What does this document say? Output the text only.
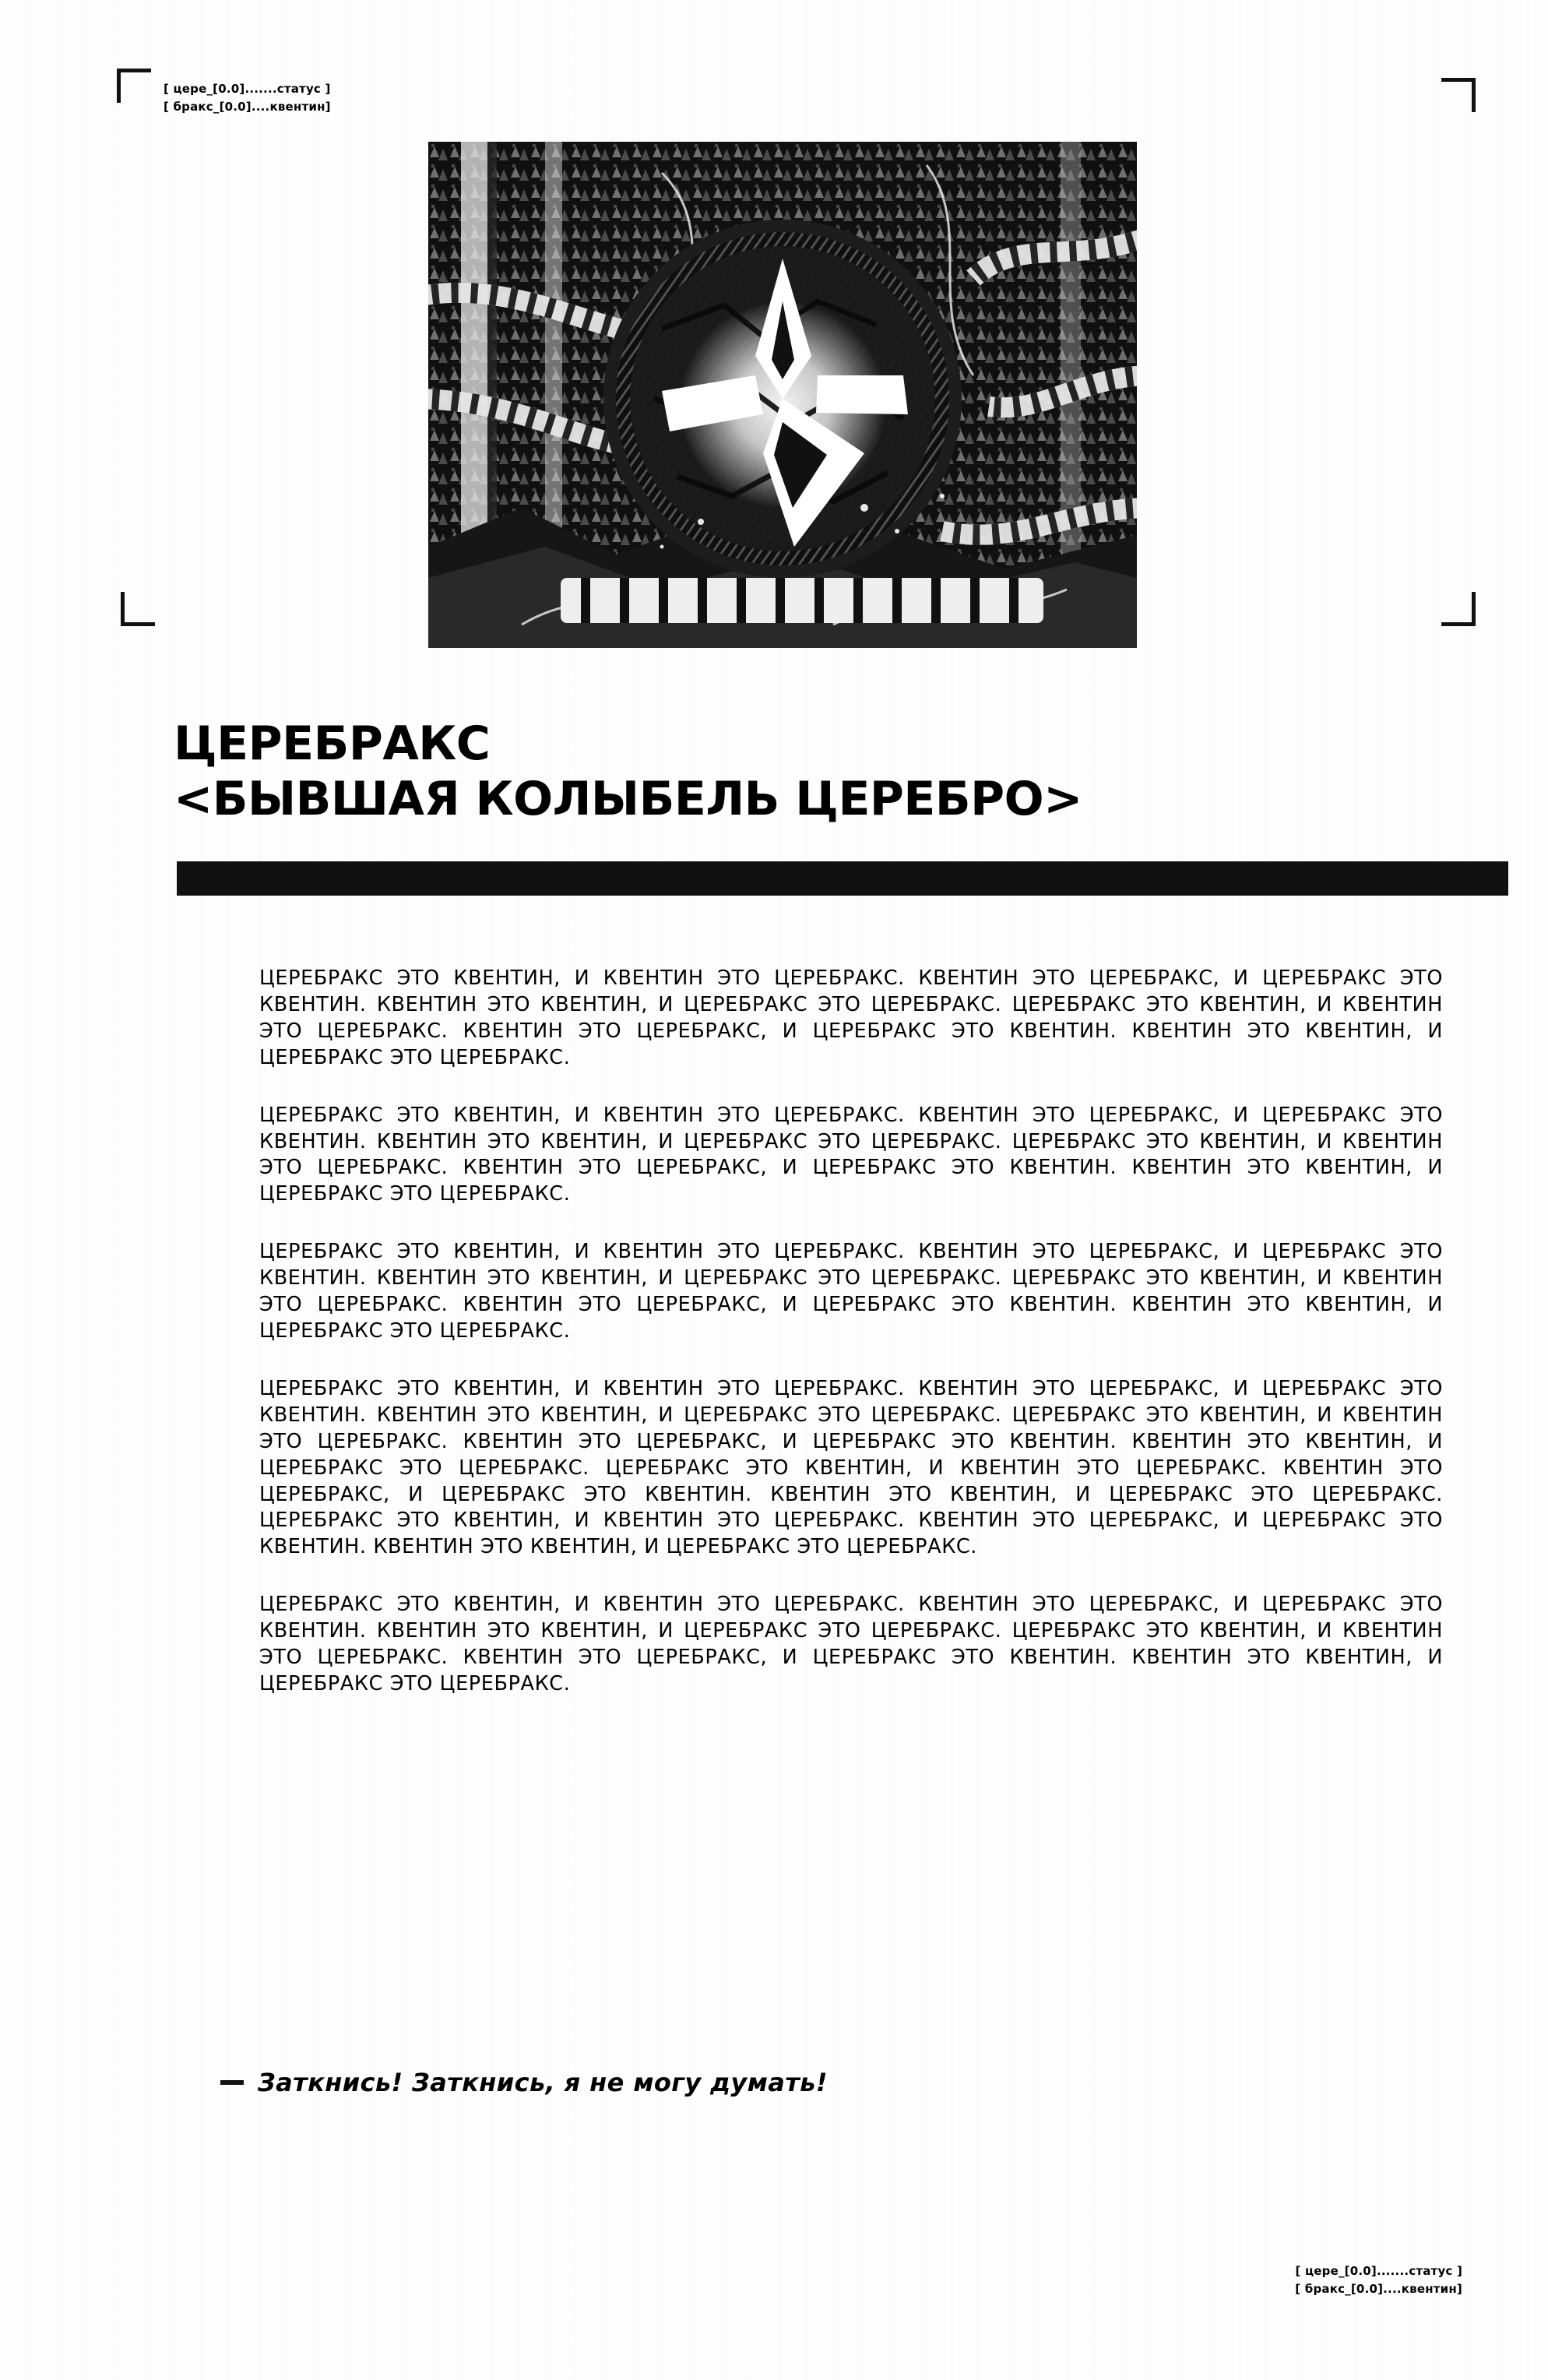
[ цере_[0.0].......статус ]
[ бракс_[0.0]....квентин]
ЦЕРЕБРАКС
<БЫВШАЯ КОЛЫБЕЛЬ ЦЕРЕБРО>

ЦЕРЕБРАКС ЭТО КВЕНТИН, И КВЕНТИН ЭТО ЦЕРЕБРАКС. КВЕНТИН ЭТО ЦЕРЕБРАКС, И ЦЕРЕБРАКС ЭТО КВЕНТИН. КВЕНТИН ЭТО КВЕНТИН, И ЦЕРЕБРАКС ЭТО ЦЕРЕБРАКС. ЦЕРЕБРАКС ЭТО КВЕНТИН, И КВЕНТИН ЭТО ЦЕРЕБРАКС. КВЕНТИН ЭТО ЦЕРЕБРАКС, И ЦЕРЕБРАКС ЭТО КВЕНТИН. КВЕНТИН ЭТО КВЕНТИН, И ЦЕРЕБРАКС ЭТО ЦЕРЕБРАКС.

ЦЕРЕБРАКС ЭТО КВЕНТИН, И КВЕНТИН ЭТО ЦЕРЕБРАКС. КВЕНТИН ЭТО ЦЕРЕБРАКС, И ЦЕРЕБРАКС ЭТО КВЕНТИН. КВЕНТИН ЭТО КВЕНТИН, И ЦЕРЕБРАКС ЭТО ЦЕРЕБРАКС. ЦЕРЕБРАКС ЭТО КВЕНТИН, И КВЕНТИН ЭТО ЦЕРЕБРАКС. КВЕНТИН ЭТО ЦЕРЕБРАКС, И ЦЕРЕБРАКС ЭТО КВЕНТИН. КВЕНТИН ЭТО КВЕНТИН, И ЦЕРЕБРАКС ЭТО ЦЕРЕБРАКС.

ЦЕРЕБРАКС ЭТО КВЕНТИН, И КВЕНТИН ЭТО ЦЕРЕБРАКС. КВЕНТИН ЭТО ЦЕРЕБРАКС, И ЦЕРЕБРАКС ЭТО КВЕНТИН. КВЕНТИН ЭТО КВЕНТИН, И ЦЕРЕБРАКС ЭТО ЦЕРЕБРАКС. ЦЕРЕБРАКС ЭТО КВЕНТИН, И КВЕНТИН ЭТО ЦЕРЕБРАКС. КВЕНТИН ЭТО ЦЕРЕБРАКС, И ЦЕРЕБРАКС ЭТО КВЕНТИН. КВЕНТИН ЭТО КВЕНТИН, И ЦЕРЕБРАКС ЭТО ЦЕРЕБРАКС.

ЦЕРЕБРАКС ЭТО КВЕНТИН, И КВЕНТИН ЭТО ЦЕРЕБРАКС. КВЕНТИН ЭТО ЦЕРЕБРАКС, И ЦЕРЕБРАКС ЭТО КВЕНТИН. КВЕНТИН ЭТО КВЕНТИН, И ЦЕРЕБРАКС ЭТО ЦЕРЕБРАКС. ЦЕРЕБРАКС ЭТО КВЕНТИН, И КВЕНТИН ЭТО ЦЕРЕБРАКС. КВЕНТИН ЭТО ЦЕРЕБРАКС, И ЦЕРЕБРАКС ЭТО КВЕНТИН. КВЕНТИН ЭТО КВЕНТИН, И ЦЕРЕБРАКС ЭТО ЦЕРЕБРАКС. ЦЕРЕБРАКС ЭТО КВЕНТИН, И КВЕНТИН ЭТО ЦЕРЕБРАКС. КВЕНТИН ЭТО ЦЕРЕБРАКС, И ЦЕРЕБРАКС ЭТО КВЕНТИН. КВЕНТИН ЭТО КВЕНТИН, И ЦЕРЕБРАКС ЭТО ЦЕРЕБРАКС. ЦЕРЕБРАКС ЭТО КВЕНТИН, И КВЕНТИН ЭТО ЦЕРЕБРАКС. КВЕНТИН ЭТО ЦЕРЕБРАКС, И ЦЕРЕБРАКС ЭТО КВЕНТИН. КВЕНТИН ЭТО КВЕНТИН, И ЦЕРЕБРАКС ЭТО ЦЕРЕБРАКС.

ЦЕРЕБРАКС ЭТО КВЕНТИН, И КВЕНТИН ЭТО ЦЕРЕБРАКС. КВЕНТИН ЭТО ЦЕРЕБРАКС, И ЦЕРЕБРАКС ЭТО КВЕНТИН. КВЕНТИН ЭТО КВЕНТИН, И ЦЕРЕБРАКС ЭТО ЦЕРЕБРАКС. ЦЕРЕБРАКС ЭТО КВЕНТИН, И КВЕНТИН ЭТО ЦЕРЕБРАКС. КВЕНТИН ЭТО ЦЕРЕБРАКС, И ЦЕРЕБРАКС ЭТО КВЕНТИН. КВЕНТИН ЭТО КВЕНТИН, И ЦЕРЕБРАКС ЭТО ЦЕРЕБРАКС.

Заткнись! Заткнись, я не могу думать!
[ цере_[0.0].......статус ]
[ бракс_[0.0]....квентин]
